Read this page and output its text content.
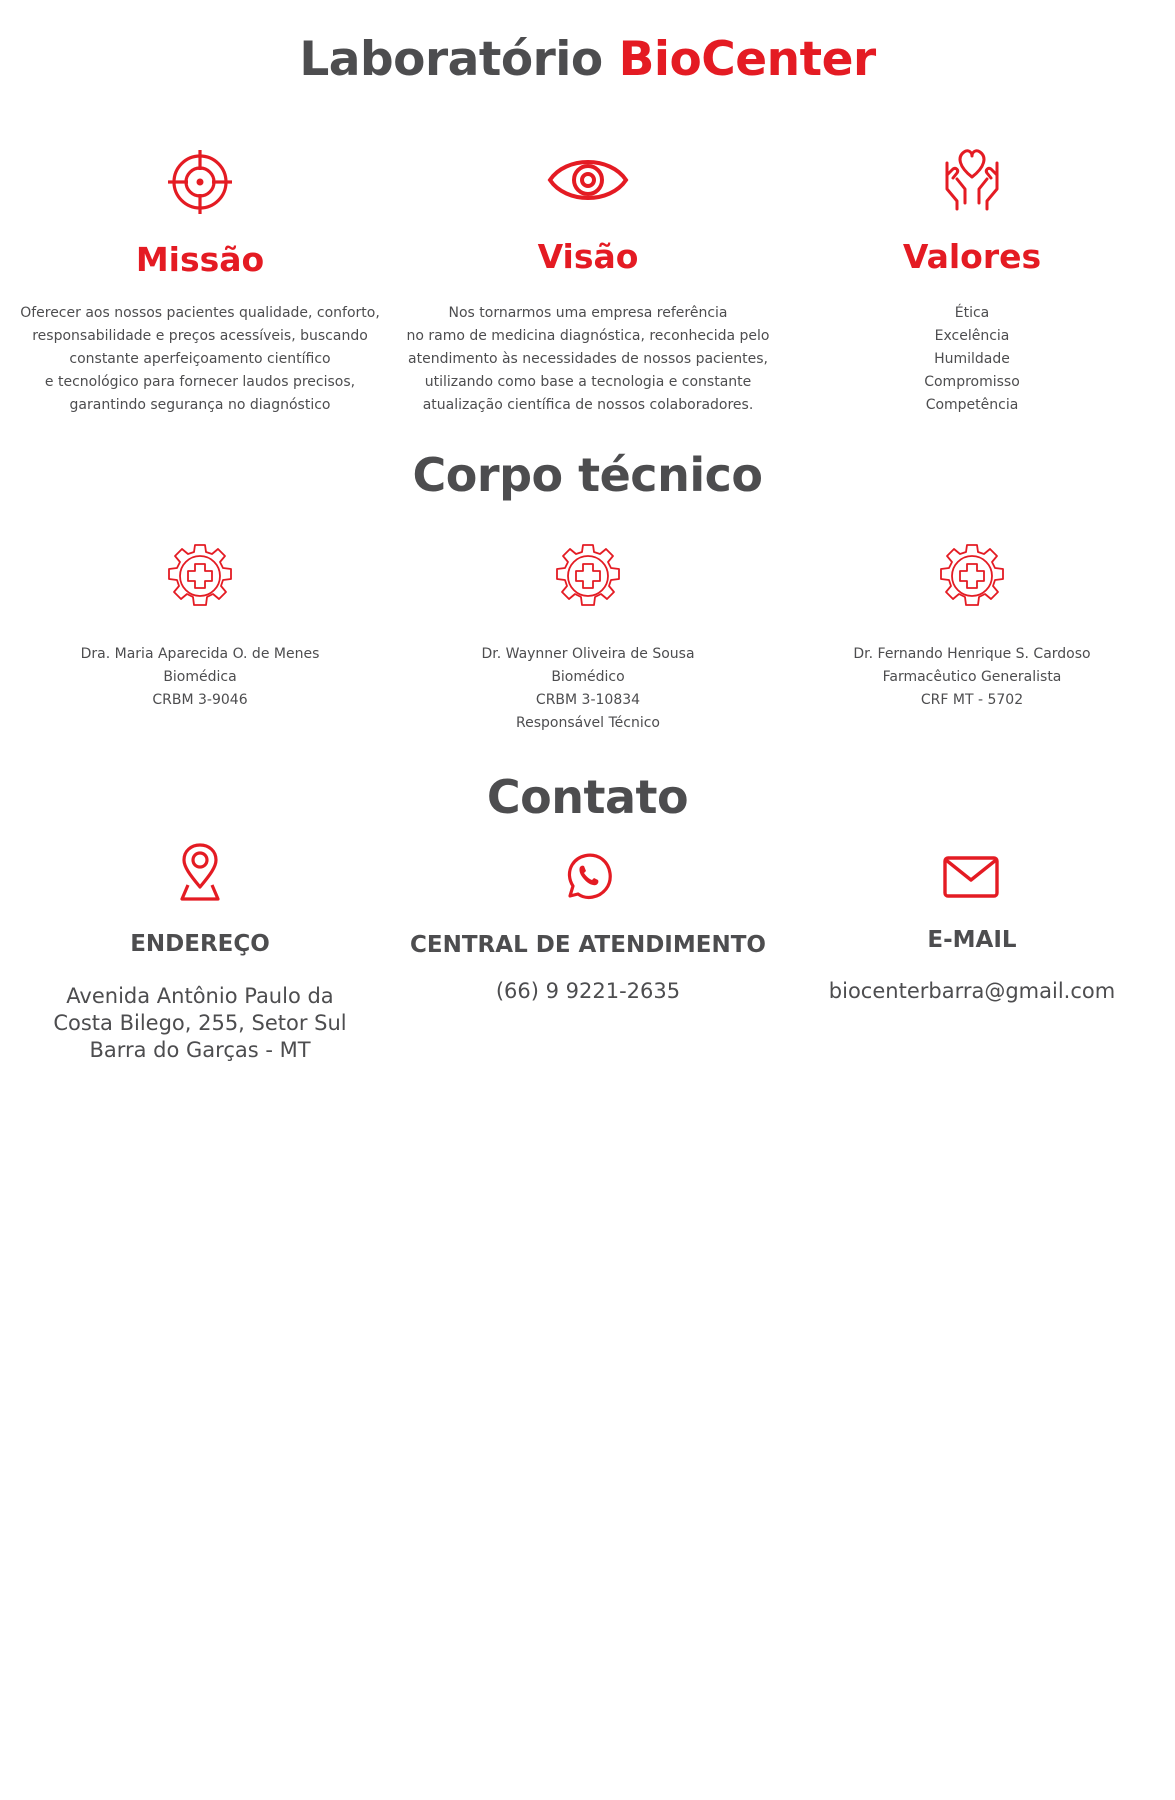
Laboratório BioCenter
Missão

Oferecer aos nossos pacientes qualidade, conforto,
responsabilidade e preços acessíveis, buscando
constante aperfeiçoamento científico
e tecnológico para fornecer laudos precisos,
garantindo segurança no diagnóstico

Visão

Nos tornarmos uma empresa referência
no ramo de medicina diagnóstica, reconhecida pelo
atendimento às necessidades de nossos pacientes,
utilizando como base a tecnologia e constante
atualização científica de nossos colaboradores.

Valores

Ética
Excelência
Humildade
Compromisso
Competência

Corpo técnico
Dra. Maria Aparecida O. de Menes
Biomédica
CRBM 3-9046
Dr. Waynner Oliveira de Sousa
Biomédico
CRBM 3-10834
Responsável Técnico
Dr. Fernando Henrique S. Cardoso
Farmacêutico Generalista
CRF MT - 5702
Contato
ENDEREÇO
Avenida Antônio Paulo da
Costa Bilego, 255, Setor Sul
Barra do Garças - MT
CENTRAL DE ATENDIMENTO
(66) 9 9221-2635
E-MAIL
biocenterbarra@gmail.com
